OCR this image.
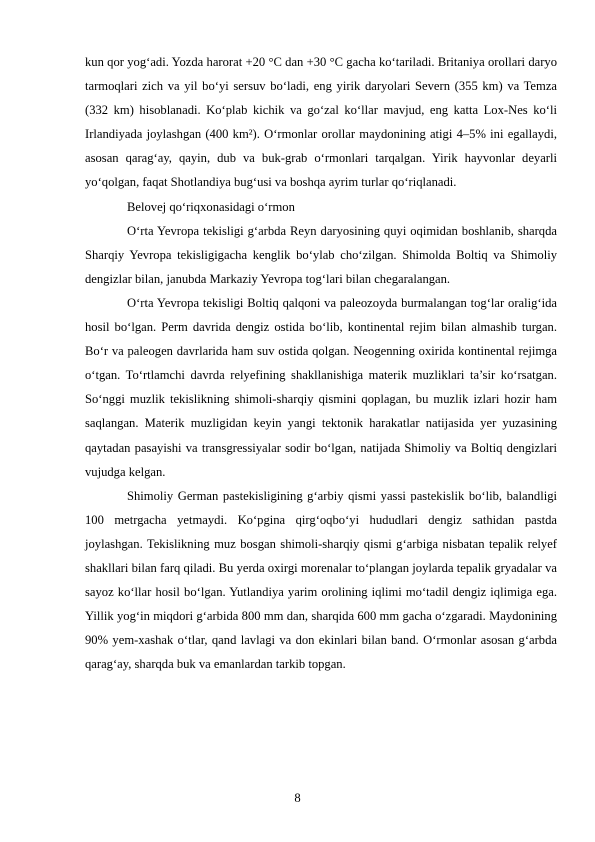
kun qor yog‘adi. Yozda harorat +20 °C dan +30 °C gacha ko‘tariladi. Britaniya orollari daryo tarmoqlari zich va yil bo‘yi sersuv bo‘ladi, eng yirik daryolari Severn (355 km) va Temza (332 km) hisoblanadi. Ko‘plab kichik va go‘zal ko‘llar mavjud, eng katta Lox-Nes ko‘li Irlandiyada joylashgan (400 km²). O‘rmonlar orollar maydonining atigi 4–5% ini egallaydi, asosan qarag‘ay, qayin, dub va buk-grab o‘rmonlari tarqalgan. Yirik hayvonlar deyarli yo‘qolgan, faqat Shotlandiya bug‘usi va boshqa ayrim turlar qo‘riqlanadi.

Belovej qo‘riqxonasidagi o‘rmon

O‘rta Yevropa tekisligi g‘arbda Reyn daryosining quyi oqimidan boshlanib, sharqda Sharqiy Yevropa tekisligigacha kenglik bo‘ylab cho‘zilgan. Shimolda Boltiq va Shimoliy dengizlar bilan, janubda Markaziy Yevropa tog‘lari bilan chegaralangan.

O‘rta Yevropa tekisligi Boltiq qalqoni va paleozoyda burmalangan tog‘lar oralig‘ida hosil bo‘lgan. Perm davrida dengiz ostida bo‘lib, kontinental rejim bilan almashib turgan. Bo‘r va paleogen davrlarida ham suv ostida qolgan. Neogenning oxirida kontinental rejimga o‘tgan. To‘rtlamchi davrda relyefining shakllanishiga materik muzliklari ta’sir ko‘rsatgan. So‘nggi muzlik tekislikning shimoli-sharqiy qismini qoplagan, bu muzlik izlari hozir ham saqlangan. Materik muzligidan keyin yangi tektonik harakatlar natijasida yer yuzasining qaytadan pasayishi va transgressiyalar sodir bo‘lgan, natijada Shimoliy va Boltiq dengizlari vujudga kelgan.

Shimoliy German pastekisligining g‘arbiy qismi yassi pastekislik bo‘lib, balandligi 100 metrgacha yetmaydi. Ko‘pgina qirg‘oqbo‘yi hududlari dengiz sathidan pastda joylashgan. Tekislikning muz bosgan shimoli-sharqiy qismi g‘arbiga nisbatan tepalik relyef shakllari bilan farq qiladi. Bu yerda oxirgi morenalar to‘plangan joylarda tepalik gryadalar va sayoz ko‘llar hosil bo‘lgan. Yutlandiya yarim orolining iqlimi mo‘tadil dengiz iqlimiga ega. Yillik yog‘in miqdori g‘arbida 800 mm dan, sharqida 600 mm gacha o‘zgaradi. Maydonining 90% yem-xashak o‘tlar, qand lavlagi va don ekinlari bilan band. O‘rmonlar asosan g‘arbda qarag‘ay, sharqda buk va emanlardan tarkib topgan.

8
